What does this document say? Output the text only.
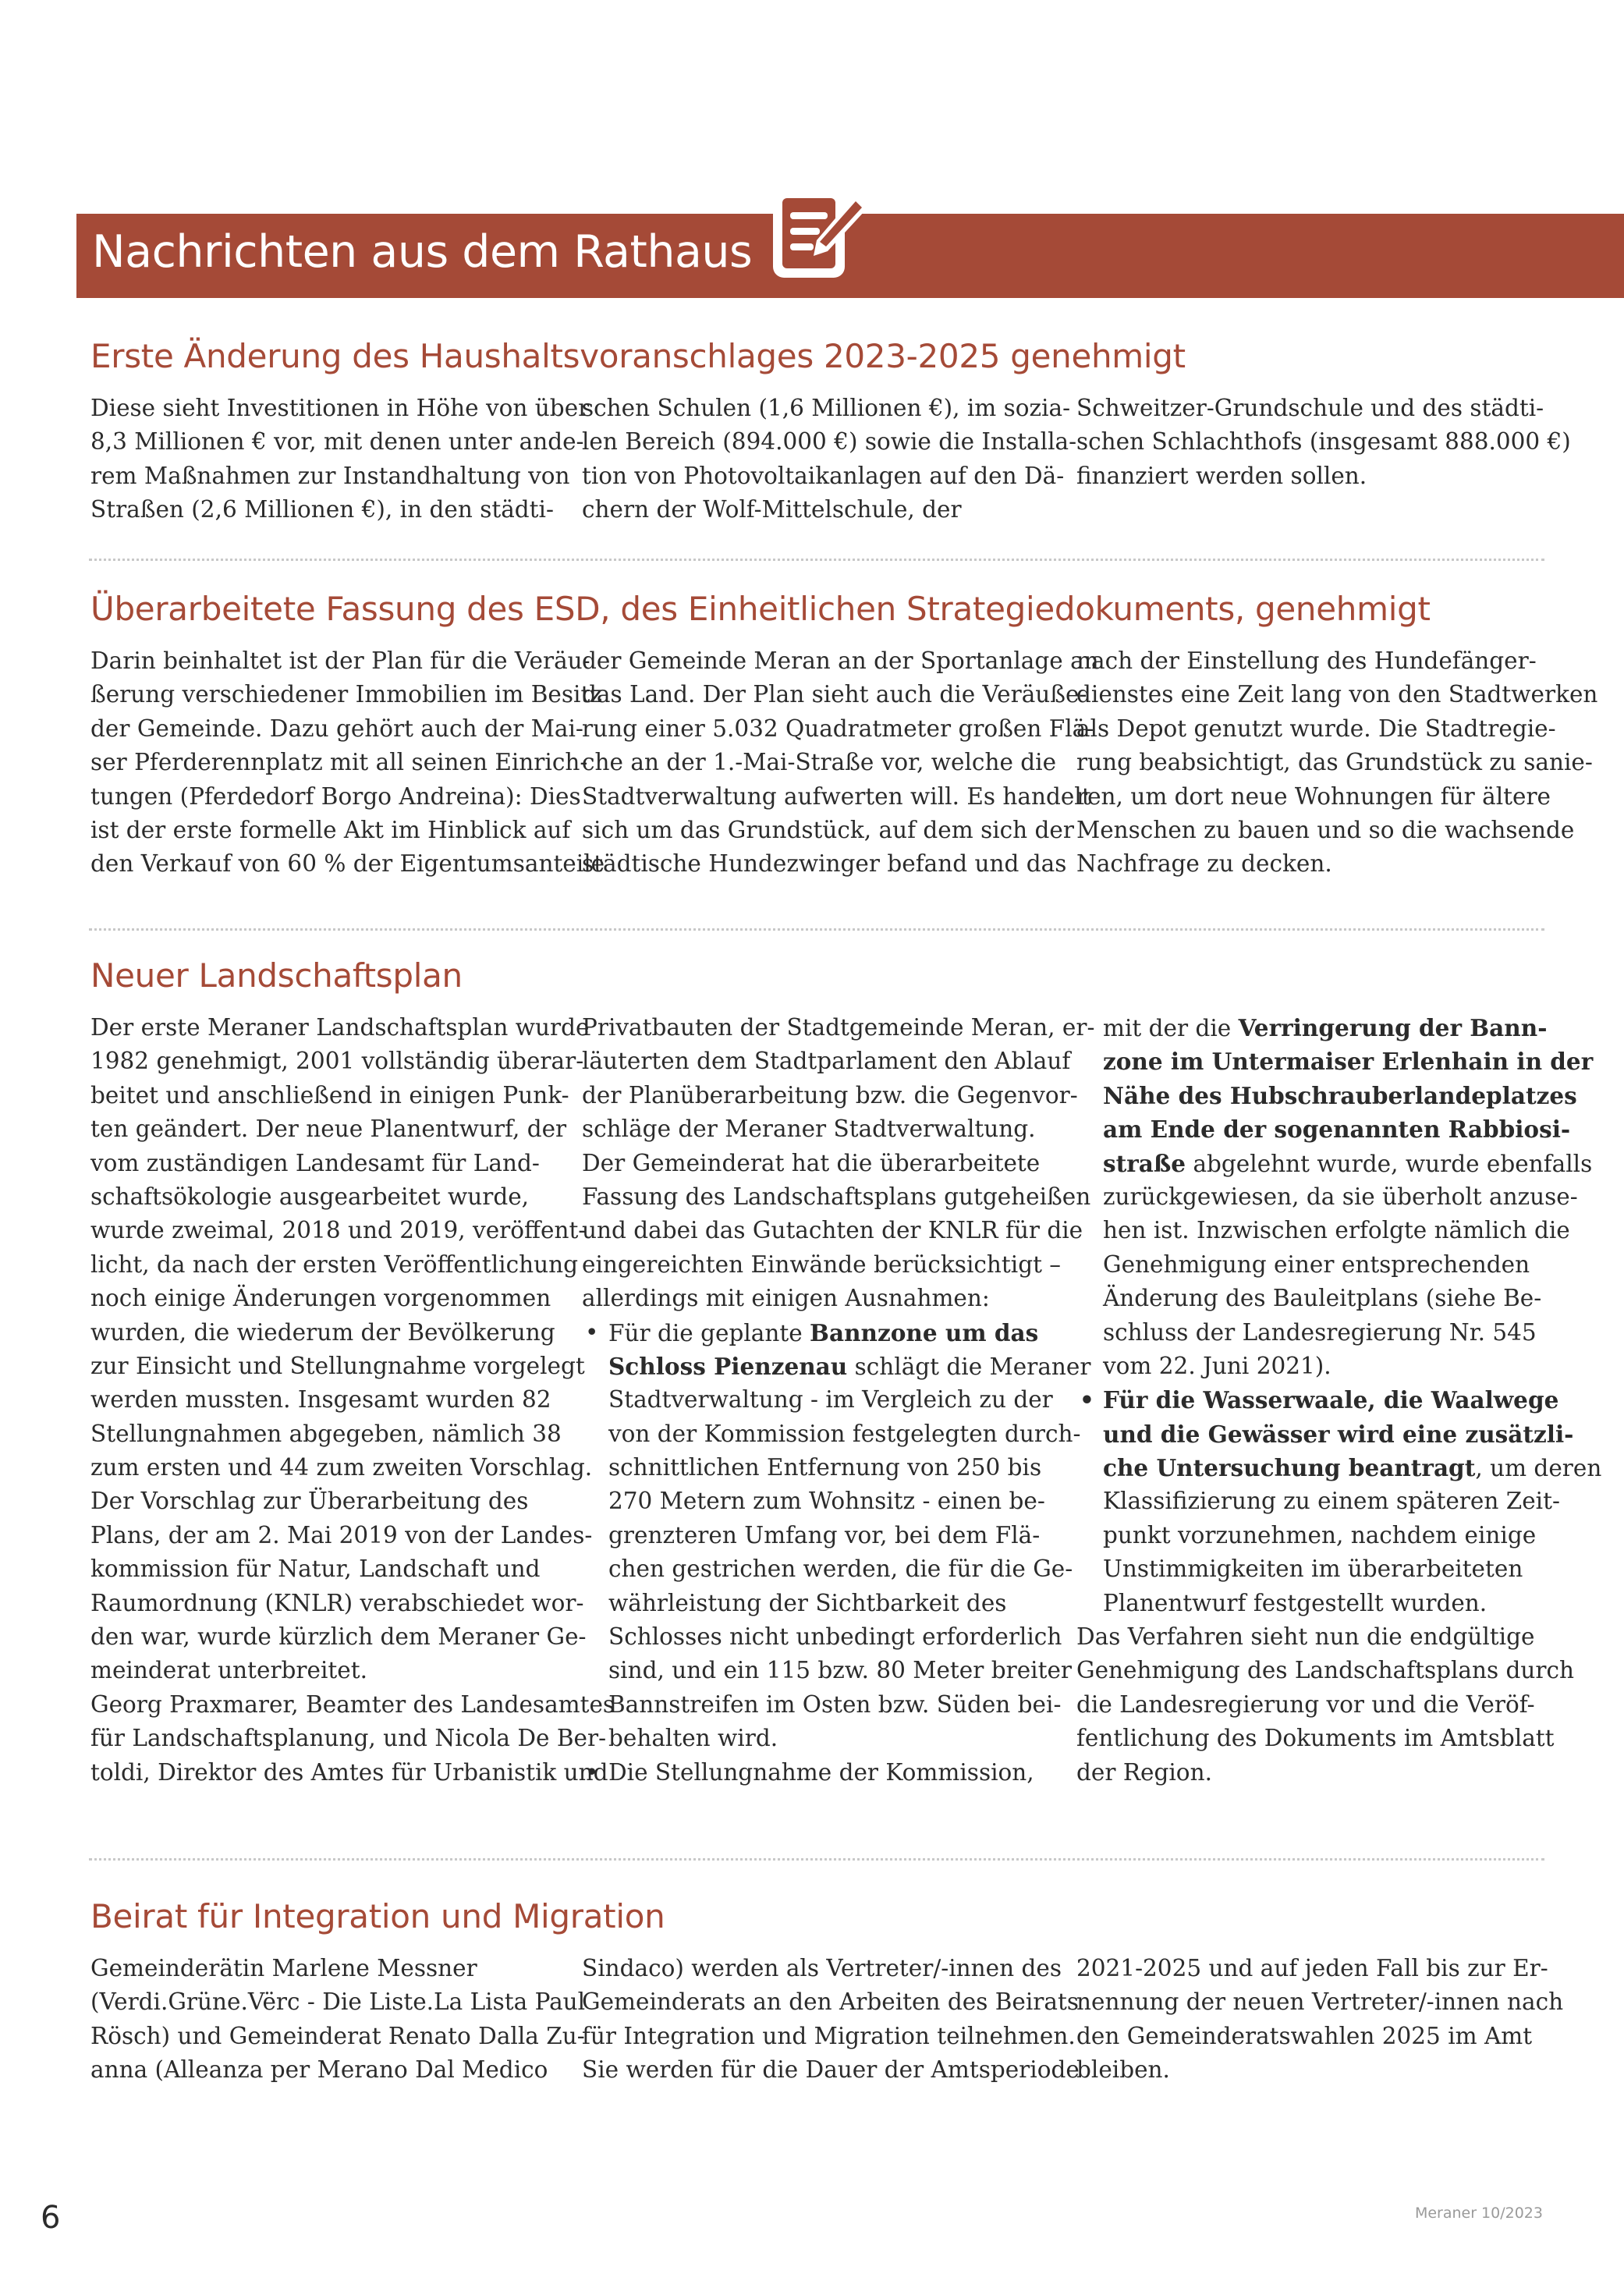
Nachrichten aus dem Rathaus
Erste Änderung des Haushaltsvoranschlages 2023-2025 genehmigt
Diese sieht Investitionen in Höhe von über
8,3 Millionen € vor, mit denen unter ande-
rem Maßnahmen zur Instandhaltung von
Straßen (2,6 Millionen €), in den städti-
schen Schulen (1,6 Millionen €), im sozia-
len Bereich (894.000 €) sowie die Installa-
tion von Photovoltaikanlagen auf den Dä-
chern der Wolf-Mittelschule, der
Schweitzer-Grundschule und des städti-
schen Schlachthofs (insgesamt 888.000 €)
finanziert werden sollen.
Überarbeitete Fassung des ESD, des Einheitlichen Strategiedokuments, genehmigt
Darin beinhaltet ist der Plan für die Veräu-
ßerung verschiedener Immobilien im Besitz
der Gemeinde. Dazu gehört auch der Mai-
ser Pferderennplatz mit all seinen Einrich-
tungen (Pferdedorf Borgo Andreina): Dies
ist der erste formelle Akt im Hinblick auf
den Verkauf von 60 % der Eigentumsanteile
der Gemeinde Meran an der Sportanlage an
das Land. Der Plan sieht auch die Veräuße-
rung einer 5.032 Quadratmeter großen Flä-
che an der 1.-Mai-Straße vor, welche die
Stadtverwaltung aufwerten will. Es handelt
sich um das Grundstück, auf dem sich der
städtische Hundezwinger befand und das
nach der Einstellung des Hundefänger-
dienstes eine Zeit lang von den Stadtwerken
als Depot genutzt wurde. Die Stadtregie-
rung beabsichtigt, das Grundstück zu sanie-
ren, um dort neue Wohnungen für ältere
Menschen zu bauen und so die wachsende
Nachfrage zu decken.
Neuer Landschaftsplan
Der erste Meraner Landschaftsplan wurde
1982 genehmigt, 2001 vollständig überar-
beitet und anschließend in einigen Punk-
ten geändert. Der neue Planentwurf, der
vom zuständigen Landesamt für Land-
schaftsökologie ausgearbeitet wurde,
wurde zweimal, 2018 und 2019, veröffent-
licht, da nach der ersten Veröffentlichung
noch einige Änderungen vorgenommen
wurden, die wiederum der Bevölkerung
zur Einsicht und Stellungnahme vorgelegt
werden mussten. Insgesamt wurden 82
Stellungnahmen abgegeben, nämlich 38
zum ersten und 44 zum zweiten Vorschlag.
Der Vorschlag zur Überarbeitung des
Plans, der am 2. Mai 2019 von der Landes-
kommission für Natur, Landschaft und
Raumordnung (KNLR) verabschiedet wor-
den war, wurde kürzlich dem Meraner Ge-
meinderat unterbreitet.
Georg Praxmarer, Beamter des Landesamtes
für Landschaftsplanung, und Nicola De Ber-
toldi, Direktor des Amtes für Urbanistik und
Privatbauten der Stadtgemeinde Meran, er-
läuterten dem Stadtparlament den Ablauf
der Planüberarbeitung bzw. die Gegenvor-
schläge der Meraner Stadtverwaltung.
Der Gemeinderat hat die überarbeitete
Fassung des Landschaftsplans gutgeheißen
und dabei das Gutachten der KNLR für die
eingereichten Einwände berücksichtigt –
allerdings mit einigen Ausnahmen:
• Für die geplante Bannzone um das
Schloss Pienzenau schlägt die Meraner
Stadtverwaltung - im Vergleich zu der
von der Kommission festgelegten durch-
schnittlichen Entfernung von 250 bis
270 Metern zum Wohnsitz - einen be-
grenzteren Umfang vor, bei dem Flä-
chen gestrichen werden, die für die Ge-
währleistung der Sichtbarkeit des
Schlosses nicht unbedingt erforderlich
sind, und ein 115 bzw. 80 Meter breiter
Bannstreifen im Osten bzw. Süden bei-
behalten wird.
• Die Stellungnahme der Kommission,
mit der die Verringerung der Bann-
zone im Untermaiser Erlenhain in der
Nähe des Hubschrauberlandeplatzes
am Ende der sogenannten Rabbiosi-
straße abgelehnt wurde, wurde ebenfalls
zurückgewiesen, da sie überholt anzuse-
hen ist. Inzwischen erfolgte nämlich die
Genehmigung einer entsprechenden
Änderung des Bauleitplans (siehe Be-
schluss der Landesregierung Nr. 545
vom 22. Juni 2021).
• Für die Wasserwaale, die Waalwege
und die Gewässer wird eine zusätzli-
che Untersuchung beantragt, um deren
Klassifizierung zu einem späteren Zeit-
punkt vorzunehmen, nachdem einige
Unstimmigkeiten im überarbeiteten
Planentwurf festgestellt wurden.
Das Verfahren sieht nun die endgültige
Genehmigung des Landschaftsplans durch
die Landesregierung vor und die Veröf-
fentlichung des Dokuments im Amtsblatt
der Region.
Beirat für Integration und Migration
Gemeinderätin Marlene Messner
(Verdi.Grüne.Vërc - Die Liste.La Lista Paul
Rösch) und Gemeinderat Renato Dalla Zu-
anna (Alleanza per Merano Dal Medico
Sindaco) werden als Vertreter/-innen des
Gemeinderats an den Arbeiten des Beirats
für Integration und Migration teilnehmen.
Sie werden für die Dauer der Amtsperiode
2021-2025 und auf jeden Fall bis zur Er-
nennung der neuen Vertreter/-innen nach
den Gemeinderatswahlen 2025 im Amt
bleiben.
6	Meraner 10/2023
